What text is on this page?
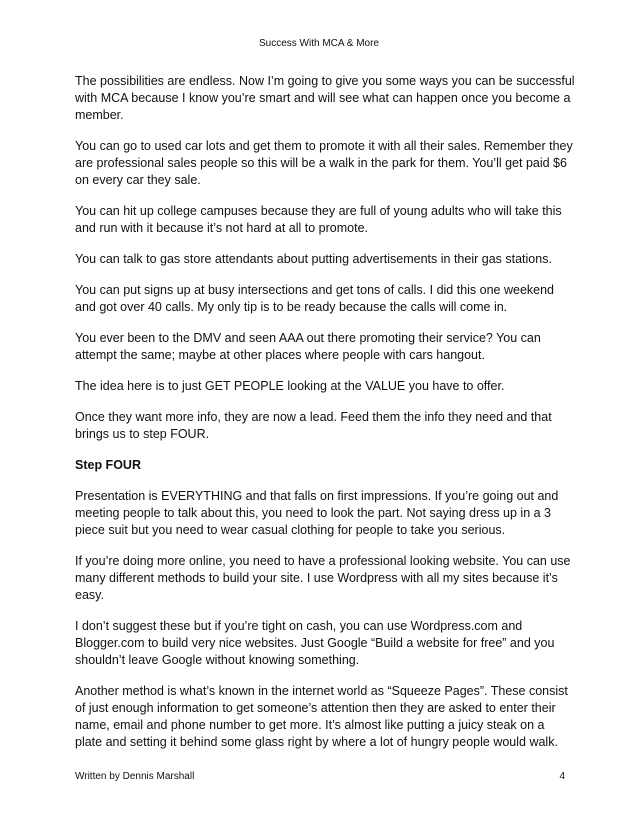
Success With MCA & More

The possibilities are endless. Now I’m going to give you some ways you can be successful with MCA because I know you’re smart and will see what can happen once you become a member.

You can go to used car lots and get them to promote it with all their sales. Remember they are professional sales people so this will be a walk in the park for them. You’ll get paid $6 on every car they sale.

You can hit up college campuses because they are full of young adults who will take this and run with it because it’s not hard at all to promote.

You can talk to gas store attendants about putting advertisements in their gas stations.

You can put signs up at busy intersections and get tons of calls. I did this one weekend and got over 40 calls. My only tip is to be ready because the calls will come in.

You ever been to the DMV and seen AAA out there promoting their service? You can attempt the same; maybe at other places where people with cars hangout.

The idea here is to just GET PEOPLE looking at the VALUE you have to offer.

Once they want more info, they are now a lead. Feed them the info they need and that brings us to step FOUR.

Step FOUR

Presentation is EVERYTHING and that falls on first impressions. If you’re going out and meeting people to talk about this, you need to look the part. Not saying dress up in a 3 piece suit but you need to wear casual clothing for people to take you serious.

If you’re doing more online, you need to have a professional looking website. You can use many different methods to build your site. I use Wordpress with all my sites because it’s easy.

I don’t suggest these but if you’re tight on cash, you can use Wordpress.com and Blogger.com to build very nice websites. Just Google “Build a website for free” and you shouldn’t leave Google without knowing something.

Another method is what’s known in the internet world as “Squeeze Pages”. These consist of just enough information to get someone’s attention then they are asked to enter their name, email and phone number to get more. It’s almost like putting a juicy steak on a plate and setting it behind some glass right by where a lot of hungry people would walk.

Written by Dennis Marshall	4
